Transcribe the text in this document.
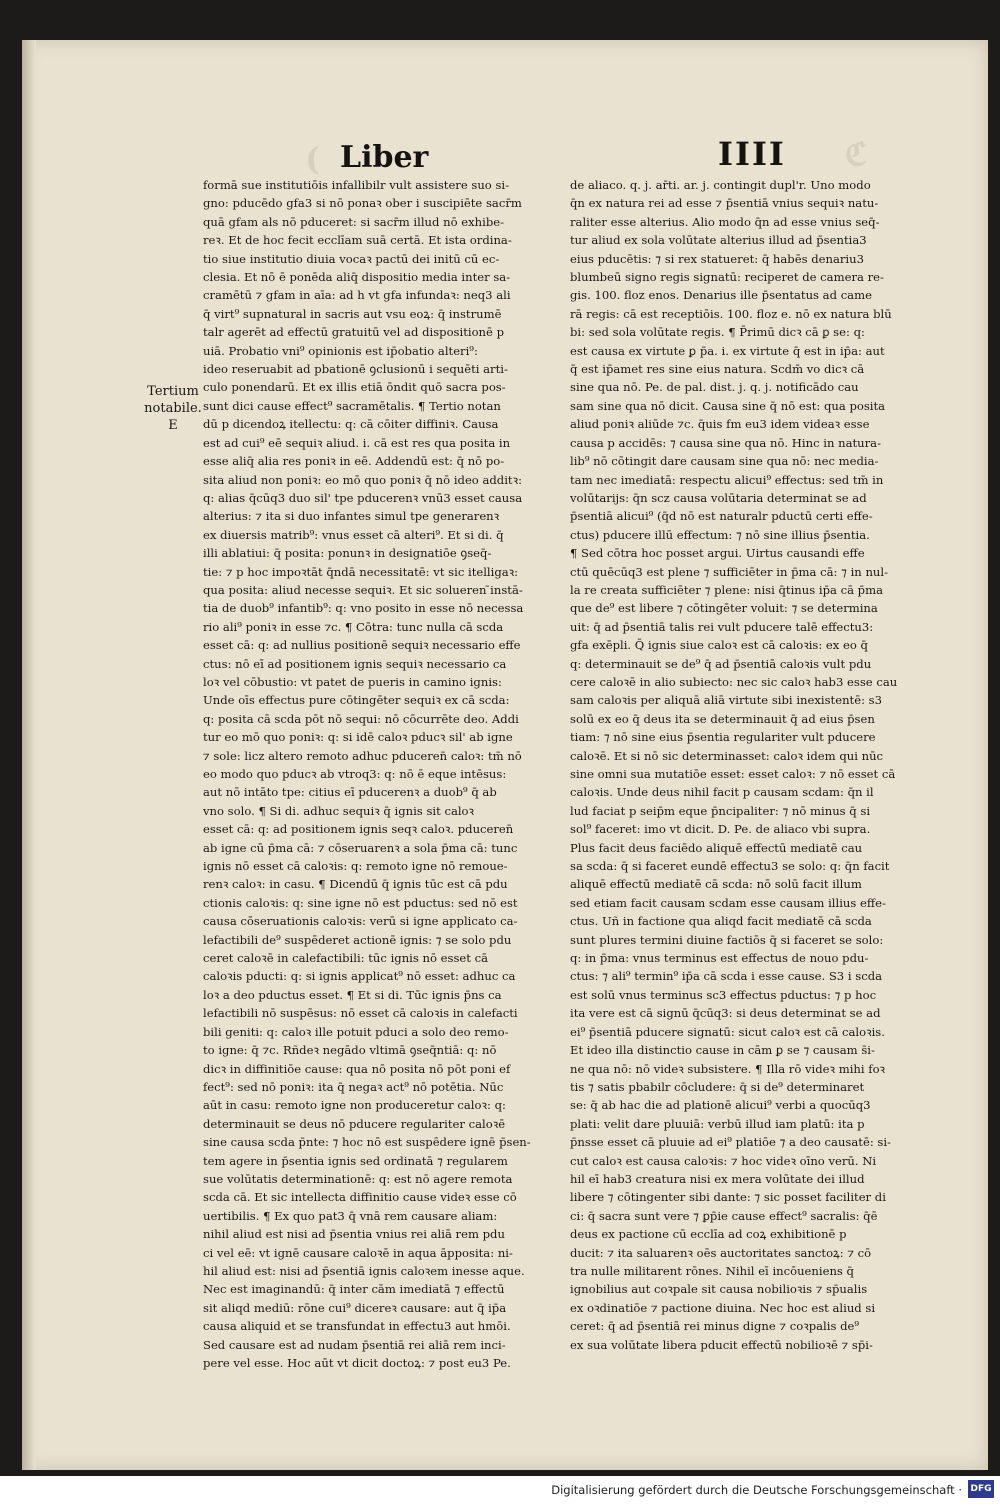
(	ℭ
Liber	IIII
Tertium
notabile.
E
formā sue institutiōis infallibilr vult assistere suo si-
gno: pducēdo gfa3 si nō ponaꝛ ober i suscipiēte sacr̄m
quā gfam als nō pduceret: si sacr̄m illud nō exhibe-
reꝛ. Et de hoc fecit ecclīam suā certā. Et ista ordina-
tio siue institutio diuia vocaꝛ pactū dei initū cū ec-
clesia. Et nō ē ponēda aliq̄ dispositio media inter sa-
cramētū ⁊ gfam in aīa: ad h vt gfa infundaꝛ: neq3 ali
q̄ virt⁹ supnatural in sacris aut vsu eoꝝ: q̄ instrumē
talr agerēt ad effectū gratuitū vel ad dispositionē p
uiā. Probatio vni⁹ opinionis est ip̄obatio alteri⁹:
ideo reseruabit ad pbationē ꝯclusionū i sequēti arti-
culo ponendarū. Et ex illis etiā ōndit quō sacra pos-
sunt dici cause effect⁹ sacramētalis. ¶ Tertio notan
dū p dicendoꝝ itellectu: q: cā cōiter diffiniꝛ. Causa
est ad cui⁹ eē sequiꝛ aliud. i. cā est res qua posita in
esse aliq̄ alia res poniꝛ in eē. Addendū est: q̄ nō po-
sita aliud non poniꝛ: eo mō quo poniꝛ q̄ nō ideo additꝛ:
q: alias q̄cūq3 duo sil' tpe pducerenꝛ vnū3 esset causa
alterius: ⁊ ita si duo infantes simul tpe generarenꝛ
ex diuersis matrib⁹: vnus esset cā alteri⁹. Et si di. q̄
illi ablatiui: q̄ posita: ponunꝛ in designatiōe ꝯseq̄-
tie: ⁊ p hoc impoꝛtāt q̄ndā necessitatē: vt sic itelligaꝛ:
qua posita: aliud necesse sequiꝛ. Et sic solueren ̄instā-
tia de duob⁹ infantib⁹: q: vno posito in esse nō necessa
rio ali⁹ poniꝛ in esse ⁊c. ¶ Cōtra: tunc nulla cā scda
esset cā: q: ad nullius positionē sequiꝛ necessario effe
ctus: nō eī ad positionem ignis sequiꝛ necessario ca
loꝛ vel cōbustio: vt patet de pueris in camino ignis:
Unde oīs effectus pure cōtingēter sequiꝛ ex cā scda:
q: posita cā scda pōt nō sequi: nō cōcurrēte deo. Addi
tur eo mō quo poniꝛ: q: si idē caloꝛ pducꝛ sil' ab igne
⁊ sole: licz altero remoto adhuc pduceren̄ caloꝛ: tm̄ nō
eo modo quo pducꝛ ab vtroq3: q: nō ē eque intēsus:
aut nō intāto tpe: citius eī pducerenꝛ a duob⁹ q̄ ab
vno solo. ¶ Si di. adhuc sequiꝛ q̄ ignis sit caloꝛ
esset cā: q: ad positionem ignis seqꝛ caloꝛ. pduceren̄
ab igne cū p̄ma cā: ⁊ cōseruarenꝛ a sola p̄ma cā: tunc
ignis nō esset cā caloꝛis: q: remoto igne nō remoue-
renꝛ caloꝛ: in casu. ¶ Dicendū q̄ ignis tūc est cā pdu
ctionis caloꝛis: q: sine igne nō est pductus: sed nō est
causa cōseruationis caloꝛis: verū si igne applicato ca-
lefactibili de⁹ suspēderet actionē ignis: ⁊ se solo pdu
ceret caloꝛē in calefactibili: tūc ignis nō esset cā
caloꝛis pducti: q: si ignis applicat⁹ nō esset: adhuc ca
loꝛ a deo pductus esset. ¶ Et si di. Tūc ignis p̄ns ca
lefactibili nō suspēsus: nō esset cā caloꝛis in calefacti
bili geniti: q: caloꝛ ille potuit pduci a solo deo remo-
to igne: q̄ ⁊c. Rñdeꝛ negādo vltimā ꝯseq̄ntiā: q: nō
dicꝛ in diffinitiōe cause: qua nō posita nō pōt poni ef
fect⁹: sed nō poniꝛ: ita q̄ negaꝛ act⁹ nō potētia. Nūc
aūt in casu: remoto igne non produceretur caloꝛ: q:
determinauit se deus nō pducere regulariter caloꝛē
sine causa scda p̄nte: ⁊ hoc nō est suspēdere ignē p̄sen-
tem agere in p̄sentia ignis sed ordinatā ⁊ regularem
sue volūtatis determinationē: q: est nō agere remota
scda cā. Et sic intellecta diffinitio cause videꝛ esse cō
uertibilis. ¶ Ex quo pat3 q̄ vnā rem causare aliam:
nihil aliud est nisi ad p̄sentia vnius rei aliā rem pdu
ci vel eē: vt ignē causare caloꝛē in aqua āpposita: ni-
hil aliud est: nisi ad p̄sentiā ignis caloꝛem inesse aque.
Nec est imaginandū: q̄ inter cām imediatā ⁊ effectū
sit aliqd mediū: rōne cui⁹ dicereꝛ causare: aut q̄ ip̄a
causa aliquid et se transfundat in effectu3 aut hmōi.
Sed causare est ad nudam p̄sentiā rei aliā rem inci-
pere vel esse. Hoc aūt vt dicit doctoꝝ: ⁊ post eu3 Pe.
de aliaco. q. j. ar̄ti. ar. j. contingit dupl'r. Uno modo
q̄n ex natura rei ad esse ⁊ p̄sentiā vnius sequiꝛ natu-
raliter esse alterius. Alio modo q̄n ad esse vnius seq̄-
tur aliud ex sola volūtate alterius illud ad p̄sentia3
eius pducētis: ⁊ si rex statueret: q̄ habēs denariu3
blumbeū signo regis signatū: reciperet de camera re-
gis. 100. floz enos. Denarius ille p̄sentatus ad came
rā regis: cā est receptiōis. 100. floz e. nō ex natura blū
bi: sed sola volūtate regis. ¶ P̄rimū dicꝛ cā ꝑ se: q:
est causa ex virtute ꝑ p̄a. i. ex virtute q̄ est in ip̄a: aut
q̄ est ip̄amet res sine eius natura. Scdm̄ vo dicꝛ cā
sine qua nō. Pe. de pal. dist. j. q. j. notificādo cau
sam sine qua nō dicit. Causa sine q̄ nō est: qua posita
aliud poniꝛ aliūde ⁊c. q̄uis fm eu3 idem videaꝛ esse
causa p accidēs: ⁊ causa sine qua nō. Hinc in natura-
lib⁹ nō cōtingit dare causam sine qua nō: nec media-
tam nec imediatā: respectu alicui⁹ effectus: sed tm̄ in
volūtarijs: q̄n scz causa volūtaria determinat se ad
p̄sentiā alicui⁹ (q̄d nō est naturalr pductū certi effe-
ctus) pducere illū effectum: ⁊ nō sine illius p̄sentia.
¶ Sed cōtra hoc posset argui. Uirtus causandi effe
ctū quēcūq3 est plene ⁊ sufficiēter in p̄ma cā: ⁊ in nul-
la re creata sufficiēter ⁊ plene: nisi q̄tinus ip̄a cā p̄ma
que de⁹ est libere ⁊ cōtingēter voluit: ⁊ se determina
uit: q̄ ad p̄sentiā talis rei vult pducere talē effectu3:
gfa exēpli. Q̄ ignis siue caloꝛ est cā caloꝛis: ex eo q̄
q: determinauit se de⁹ q̄ ad p̄sentiā caloꝛis vult pdu
cere caloꝛē in alio subiecto: nec sic caloꝛ hab3 esse cau
sam caloꝛis per aliquā aliā virtute sibi inexistentē: s3
solū ex eo q̄ deus ita se determinauit q̄ ad eius p̄sen
tiam: ⁊ nō sine eius p̄sentia regulariter vult pducere
caloꝛē. Et si nō sic determinasset: caloꝛ idem qui nūc
sine omni sua mutatiōe esset: esset caloꝛ: ⁊ nō esset cā
caloꝛis. Unde deus nihil facit p causam scdam: q̄n il
lud faciat p seip̄m eque p̄ncipaliter: ⁊ nō minus q̄ si
sol⁹ faceret: imo vt dicit. D. Pe. de aliaco vbi supra.
Plus facit deus faciēdo aliquē effectū mediatē cau
sa scda: q̄ si faceret eundē effectu3 se solo: q: q̄n facit
aliquē effectū mediatē cā scda: nō solū facit illum
sed etiam facit causam scdam esse causam illius effe-
ctus. Uñ in factione qua aliqd facit mediatē cā scda
sunt plures termini diuine factiōs q̄ si faceret se solo:
q: in p̄ma: vnus terminus est effectus de nouo pdu-
ctus: ⁊ ali⁹ termin⁹ ip̄a cā scda i esse cause. S3 i scda
est solū vnus terminus sc3 effectus pductus: ⁊ p hoc
ita vere est cā signū q̄cūq3: si deus determinat se ad
ei⁹ p̄sentiā pducere signatū: sicut caloꝛ est cā caloꝛis.
Et ideo illa distinctio cause in cām ꝑ se ⁊ causam s̄i-
ne qua nō: nō videꝛ subsistere. ¶ Illa rō videꝛ mihi foꝛ
tis ⁊ satis pbabilr cōcludere: q̄ si de⁹ determinaret
se: q̄ ab hac die ad plationē alicui⁹ verbi a quocūq3
plati: velit dare pluuiā: verbū illud iam platū: ita p
p̄nsse esset cā pluuie ad ei⁹ platiōe ⁊ a deo causatē: si-
cut caloꝛ est causa caloꝛis: ⁊ hoc videꝛ oīno verū. Ni
hil eī hab3 creatura nisi ex mera volūtate dei illud
libere ⁊ cōtingenter sibi dante: ⁊ sic posset faciliter di
ci: q̄ sacra sunt vere ⁊ ꝑp̄ie cause effect⁹ sacralis: q̄ē
deus ex pactione cū ecclīa ad coꝝ exhibitionē p
ducit: ⁊ ita saluarenꝛ oēs auctoritates sanctoꝝ: ⁊ cō
tra nulle militarent rōnes. Nihil eī incōueniens q̄
ignobilius aut coꝛpale sit causa nobilioꝛis ⁊ sp̄ualis
ex oꝛdinatiōe ⁊ pactione diuina. Nec hoc est aliud si
ceret: q̄ ad p̄sentiā rei minus digne ⁊ coꝛpalis de⁹
ex sua volūtate libera pducit effectū nobilioꝛē ⁊ sp̄i-
Digitalisierung gefördert durch die Deutsche Forschungsgemeinschaft · DFG
